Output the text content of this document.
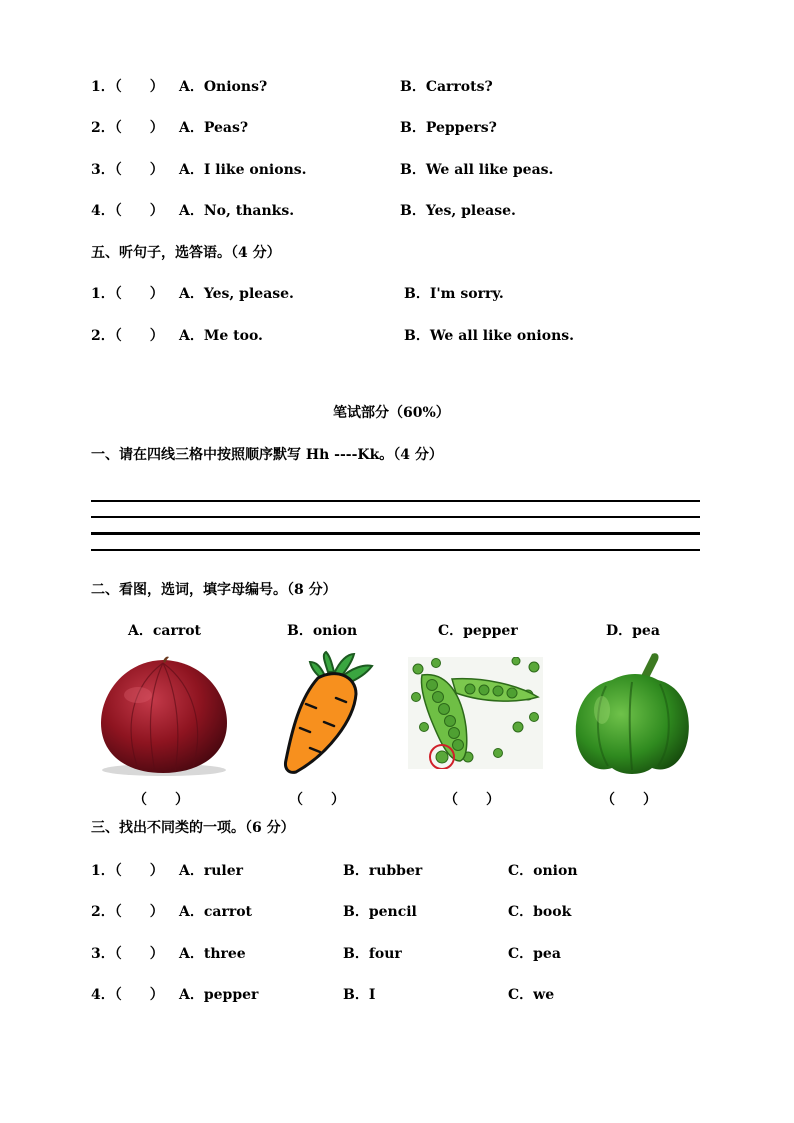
1．（　　） A．Onions?	B．Carrots?
2．（　　） A．Peas?	B．Peppers?
3．（　　） A．I like onions.	B．We all like peas.
4．（　　） A．No, thanks.	B．Yes, please.
五、听句子，选答语。（4 分）
1．（　　） A．Yes, please.	B．I'm sorry.
2．（　　） A．Me too.	B．We all like onions.
笔试部分（60%）
一、请在四线三格中按照顺序默写 Hh ----Kk。（4 分）
二、看图，选词，填字母编号。（8 分）
A．carrot	B．onion	C．pepper	D．pea
（　　）	（　　）	（　　）	（　　）
三、找出不同类的一项。（6 分）
1．（　　） A．ruler	B．rubber	C．onion
2．（　　） A．carrot	B．pencil	C．book
3．（　　） A．three	B．four	C．pea
4．（　　） A．pepper	B．I	C．we
